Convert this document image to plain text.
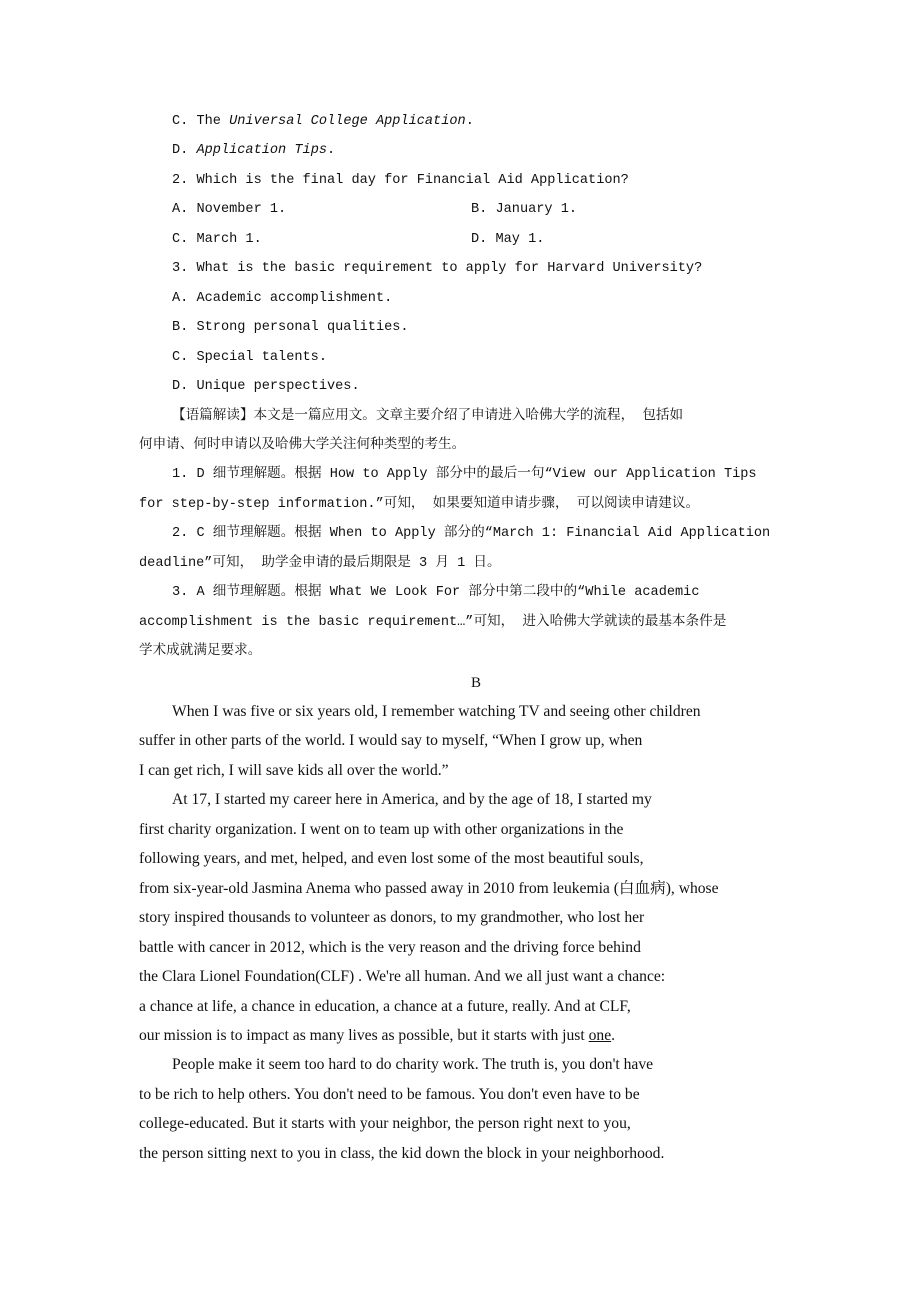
B
C. The Universal College Application.
D. Application Tips.
2. Which is the final day for Financial Aid Application?
A. November 1.	B. January 1.
C. March 1.	D. May 1.
3. What is the basic requirement to apply for Harvard University?
A. Academic accomplishment.
B. Strong personal qualities.
C. Special talents.
D. Unique perspectives.
【语篇解读】本文是一篇应用文。文章主要介绍了申请进入哈佛大学的流程， 包括如
何申请、何时申请以及哈佛大学关注何种类型的考生。
1. D 细节理解题。根据 How to Apply 部分中的最后一句“View our Application Tips
for step-by-step information.”可知， 如果要知道申请步骤， 可以阅读申请建议。
2. C 细节理解题。根据 When to Apply 部分的“March 1: Financial Aid Application
deadline”可知， 助学金申请的最后期限是 3 月 1 日。
3. A 细节理解题。根据 What We Look For 部分中第二段中的“While academic
accomplishment is the basic requirement…”可知， 进入哈佛大学就读的最基本条件是
学术成就满足要求。
When I was five or six years old, I remember watching TV and seeing other children
suffer in other parts of the world. I would say to myself, “When I grow up, when
I can get rich, I will save kids all over the world.”
At 17, I started my career here in America, and by the age of 18, I started my
first charity organization. I went on to team up with other organizations in the
following years, and met, helped, and even lost some of the most beautiful souls,
from six-year-old Jasmina Anema who passed away in 2010 from leukemia (白血病), whose
story inspired thousands to volunteer as donors, to my grandmother, who lost her
battle with cancer in 2012, which is the very reason and the driving force behind
the Clara Lionel Foundation(CLF) . We're all human. And we all just want a chance:
a chance at life, a chance in education, a chance at a future, really. And at CLF,
our mission is to impact as many lives as possible, but it starts with just one.
People make it seem too hard to do charity work. The truth is, you don't have
to be rich to help others. You don't need to be famous. You don't even have to be
college-educated. But it starts with your neighbor, the person right next to you,
the person sitting next to you in class, the kid down the block in your neighborhood.
